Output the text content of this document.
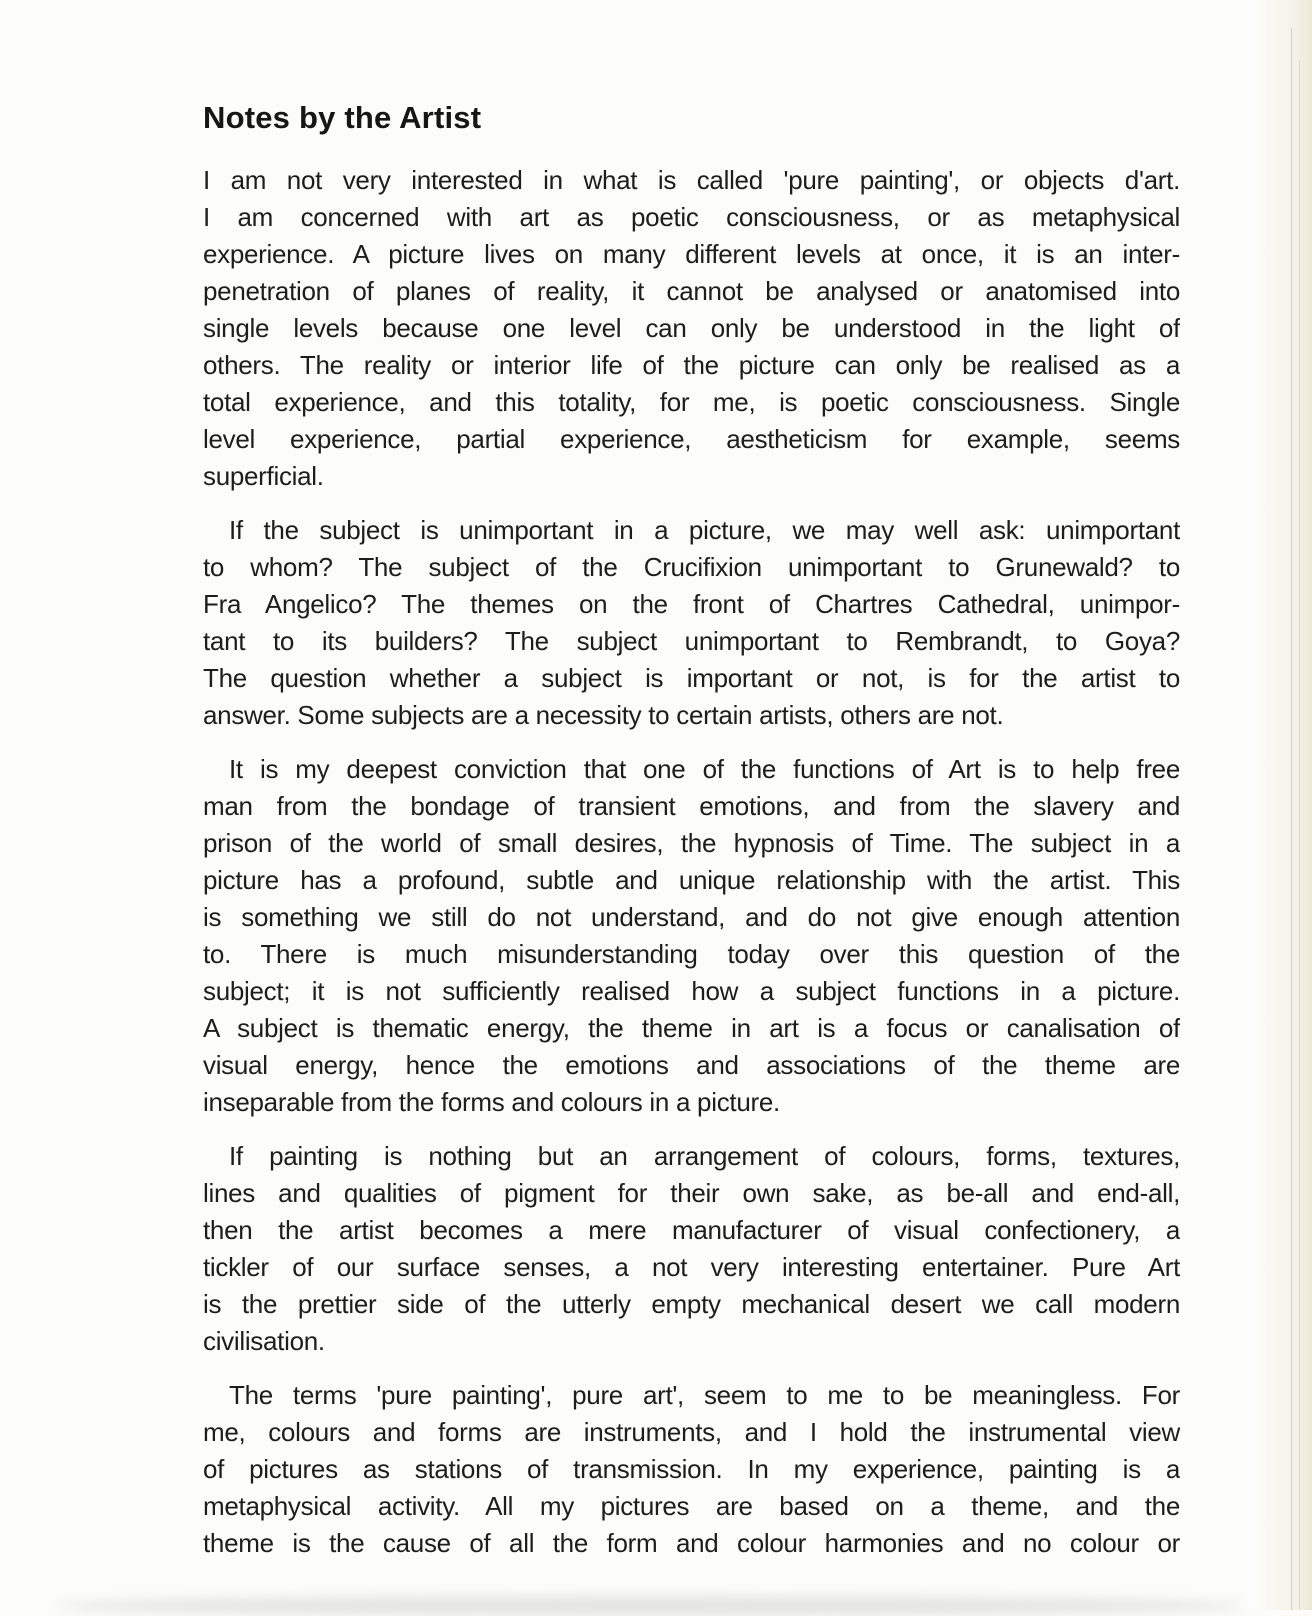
Notes by the Artist
I am not very interested in what is called 'pure painting', or objects d'art.
I am concerned with art as poetic consciousness, or as metaphysical
experience. A picture lives on many different levels at once, it is an inter-
penetration of planes of reality, it cannot be analysed or anatomised into
single levels because one level can only be understood in the light of
others. The reality or interior life of the picture can only be realised as a
total experience, and this totality, for me, is poetic consciousness. Single
level experience, partial experience, aestheticism for example, seems
superficial.
If the subject is unimportant in a picture, we may well ask: unimportant
to whom? The subject of the Crucifixion unimportant to Grunewald? to
Fra Angelico? The themes on the front of Chartres Cathedral, unimpor-
tant to its builders? The subject unimportant to Rembrandt, to Goya?
The question whether a subject is important or not, is for the artist to
answer. Some subjects are a necessity to certain artists, others are not.
It is my deepest conviction that one of the functions of Art is to help free
man from the bondage of transient emotions, and from the slavery and
prison of the world of small desires, the hypnosis of Time. The subject in a
picture has a profound, subtle and unique relationship with the artist. This
is something we still do not understand, and do not give enough attention
to. There is much misunderstanding today over this question of the
subject; it is not sufficiently realised how a subject functions in a picture.
A subject is thematic energy, the theme in art is a focus or canalisation of
visual energy, hence the emotions and associations of the theme are
inseparable from the forms and colours in a picture.
If painting is nothing but an arrangement of colours, forms, textures,
lines and qualities of pigment for their own sake, as be-all and end-all,
then the artist becomes a mere manufacturer of visual confectionery, a
tickler of our surface senses, a not very interesting entertainer. Pure Art
is the prettier side of the utterly empty mechanical desert we call modern
civilisation.
The terms 'pure painting', pure art', seem to me to be meaningless. For
me, colours and forms are instruments, and I hold the instrumental view
of pictures as stations of transmission. In my experience, painting is a
metaphysical activity. All my pictures are based on a theme, and the
theme is the cause of all the form and colour harmonies and no colour or
